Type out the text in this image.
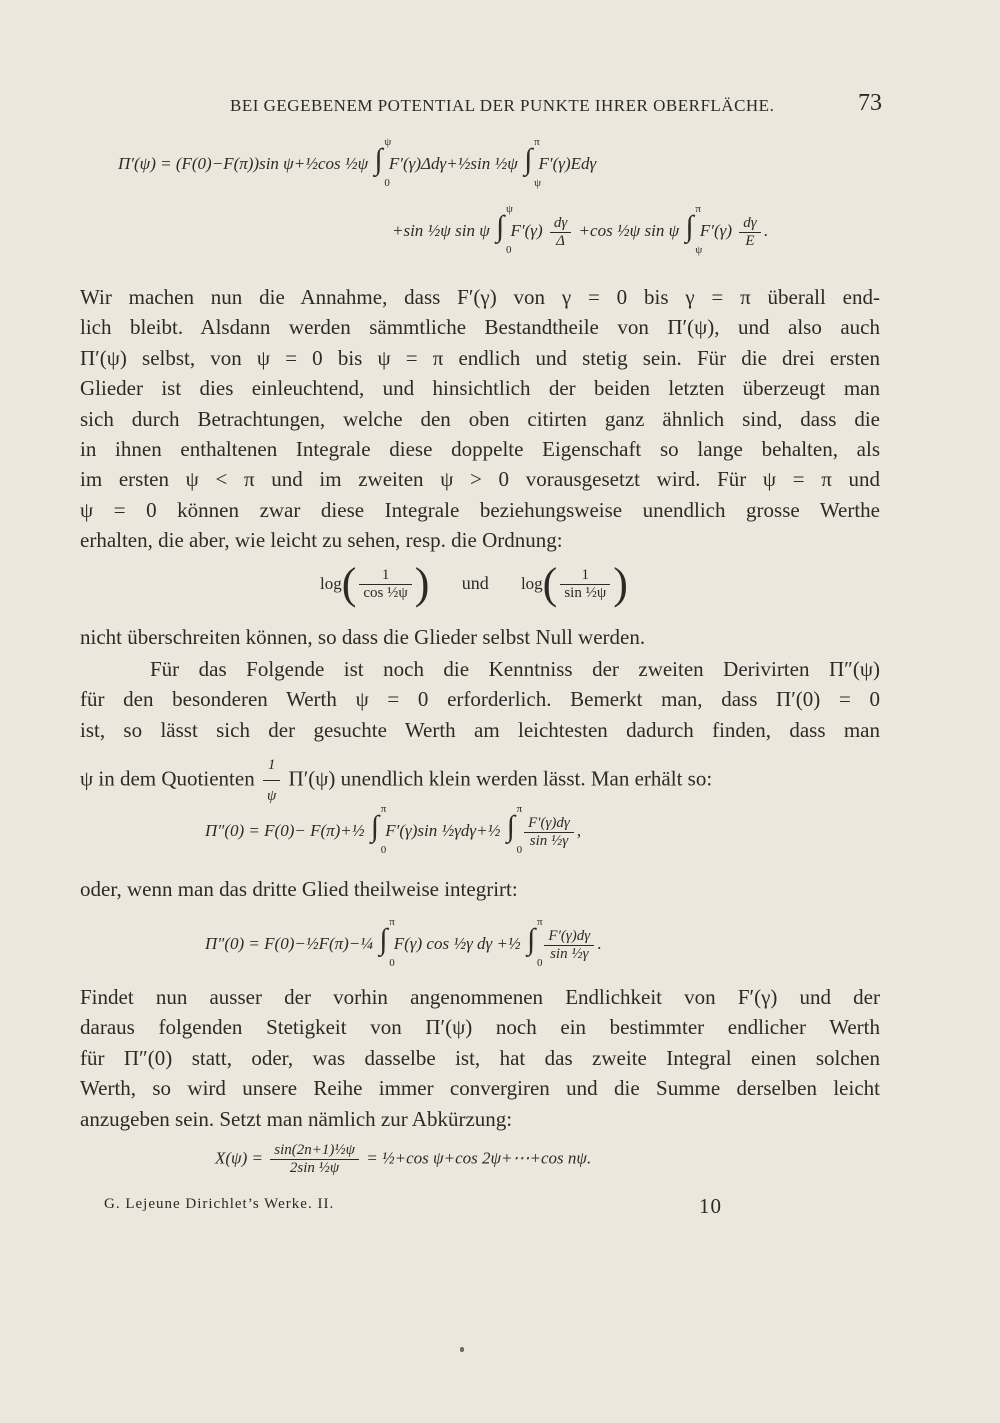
BEI GEGEBENEM POTENTIAL DER PUNKTE IHRER OBERFLÄCHE.	73
Π′(ψ) = (F(0)−F(π))sin ψ+½cos ½ψ ∫
ψ
0
F′(γ)Δdγ+½sin ½ψ ∫
π
ψ
F′(γ)Edγ
+sin ½ψ sin ψ ∫
ψ
0
$F'(\gamma) \frac{d\gamma}{\Delta} +\cos$ ½ψ sin ψ ∫
π
ψ
$F'(\gamma) \frac{d\gamma}{E}$ .
Wir machen nun die Annahme, dass F′(γ) von γ = 0 bis γ = π überall end-
lich bleibt. Alsdann werden sämmtliche Bestandtheile von Π′(ψ), und also auch
Π′(ψ) selbst, von ψ = 0 bis ψ = π endlich und stetig sein. Für die drei ersten
Glieder ist dies einleuchtend, und hinsichtlich der beiden letzten überzeugt man
sich durch Betrachtungen, welche den oben citirten ganz ähnlich sind, dass die
in ihnen enthaltenen Integrale diese doppelte Eigenschaft so lange behalten, als
im ersten ψ < π und im zweiten ψ > 0 vorausgesetzt wird. Für ψ = π und
ψ = 0 können zwar diese Integrale beziehungsweise unendlich grosse Werthe
erhalten, die aber, wie leicht zu sehen, resp. die Ordnung:
log ( $\frac{1}{\text{cos ½ψ}}$ ) und log ( $\frac{1}{\text{sin ½ψ}}$ )
nicht überschreiten können, so dass die Glieder selbst Null werden.
Für das Folgende ist noch die Kenntniss der zweiten Derivirten Π″(ψ)
für den besonderen Werth ψ = 0 erforderlich. Bemerkt man, dass Π′(0) = 0
ist, so lässt sich der gesuchte Werth am leichtesten dadurch finden, dass man
ψ in dem Quotienten $\frac{1}{\psi} \Pi'(\psi)$ unendlich klein werden lässt. Man erhält so:
Π″(0) = F(0)− F(π)+½ ∫
π
0
F′(γ)sin ½γdγ+½ ∫
π
0

$\frac{F'(\gamma)d\gamma}{\text{sin ½γ}}$ ,
oder, wenn man das dritte Glied theilweise integrirt:
Π″(0) = F(0)−½F(π)−¼ ∫
π
0
F(γ) cos ½γ dγ +½ ∫
π
0

$\frac{F'(\gamma)d\gamma}{\text{sin ½γ}}$ .
Findet nun ausser der vorhin angenommenen Endlichkeit von F′(γ) und der
daraus folgenden Stetigkeit von Π′(ψ) noch ein bestimmter endlicher Werth
für Π″(0) statt, oder, was dasselbe ist, hat das zweite Integral einen solchen
Werth, so wird unsere Reihe immer convergiren und die Summe derselben leicht
anzugeben sein. Setzt man nämlich zur Abkürzung:
$X(\psi) = \frac{\text{sin(2n+1)½ψ}}{\text{2sin ½ψ}}$ = ½+cos ψ+cos 2ψ+⋯+cos nψ.
G. Lejeune Dirichlet’s Werke. II.	10
